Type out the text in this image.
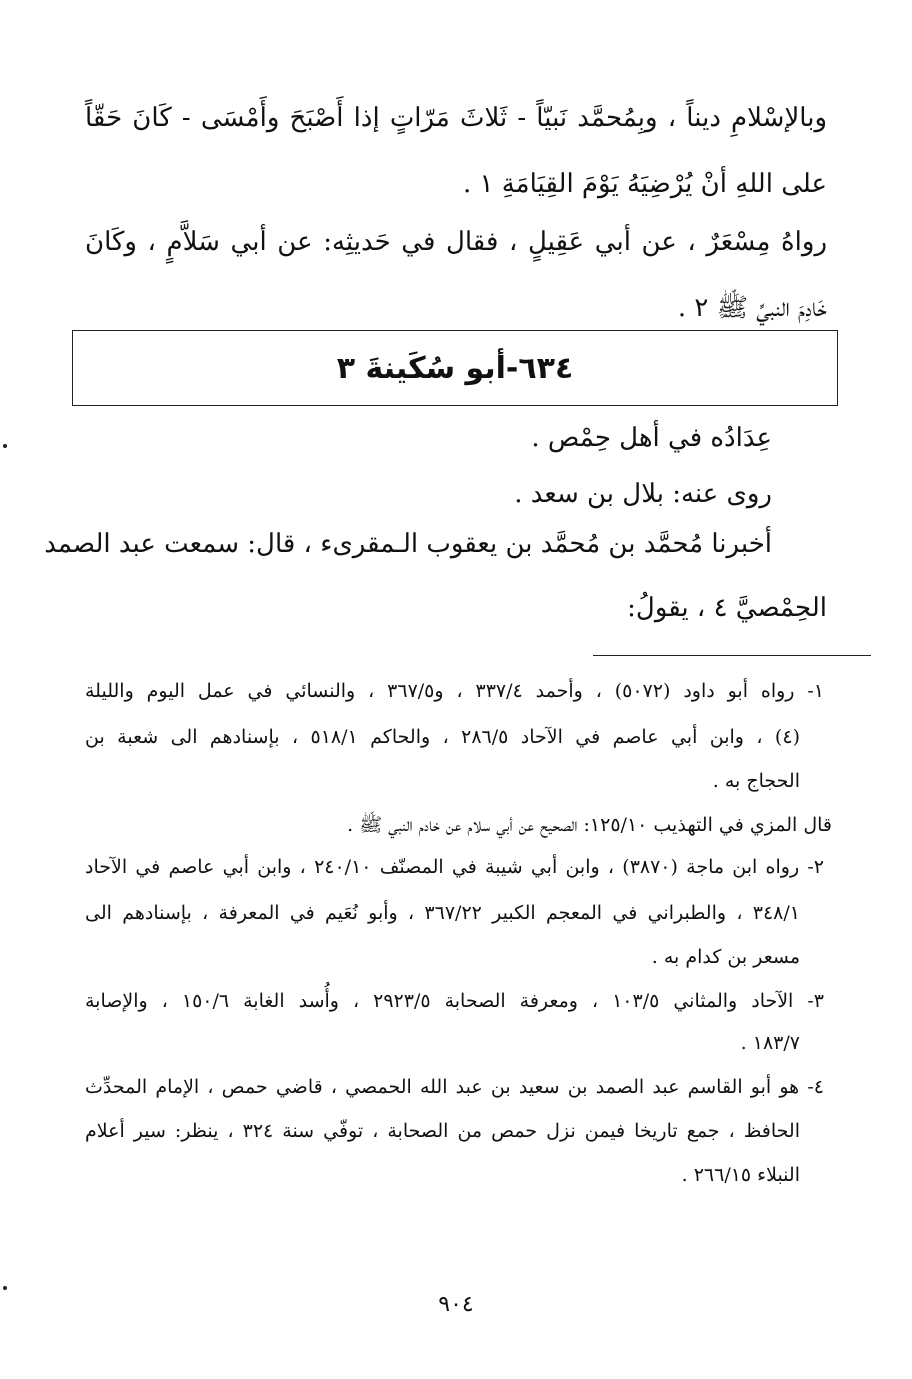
وبالإسْلامِ ديناً ، وبِمُحمَّد نَبيّاً - ثَلاثَ مَرّاتٍ إذا أَصْبَحَ وأَمْسَى - كَانَ حَقّاً
على اللهِ أنْ يُرْضِيَهُ يَوْمَ القِيَامَةِ ١ .
رواهُ مِسْعَرٌ ، عن أبي عَقِيلٍ ، فقال في حَديثِه: عن أبي سَلاَّمٍ ، وكَانَ
خَادِمَ النبيِّ ﷺ ٢ .
٦٣٤-أبو سُكَينةَ ٣
عِدَادُه في أهل حِمْص .
روى عنه: بلال بن سعد .
أخبرنا مُحمَّد بن مُحمَّد بن يعقوب الـمقرىء ، قال: سمعت عبد الصمد
الحِمْصيَّ ٤ ، يقولُ:
١- رواه أبو داود (٥٠٧٢) ، وأحمد ٣٣٧/٤ ، و٣٦٧/٥ ، والنسائي في عمل اليوم والليلة
(٤) ، وابن أبي عاصم في الآحاد ٢٨٦/٥ ، والحاكم ٥١٨/١ ، بإسنادهم الى شعبة بن
الحجاج به .
قال المزي في التهذيب ١٢٥/١٠: الصحيح عن أبي سلام عن خادم النبي ﷺ .
٢- رواه ابن ماجة (٣٨٧٠) ، وابن أبي شيبة في المصنّف ٢٤٠/١٠ ، وابن أبي عاصم في الآحاد
٣٤٨/١ ، والطبراني في المعجم الكبير ٣٦٧/٢٢ ، وأبو نُعَيم في المعرفة ، بإسنادهم الى
مسعر بن كدام به .
٣- الآحاد والمثاني ١٠٣/٥ ، ومعرفة الصحابة ٢٩٢٣/٥ ، وأُسد الغابة ١٥٠/٦ ، والإصابة
١٨٣/٧ .
٤- هو أبو القاسم عبد الصمد بن سعيد بن عبد الله الحمصي ، قاضي حمص ، الإمام المحدِّث
الحافظ ، جمع تاريخا فيمن نزل حمص من الصحابة ، توفّي سنة ٣٢٤ ، ينظر: سير أعلام
النبلاء ٢٦٦/١٥ .
٩٠٤
